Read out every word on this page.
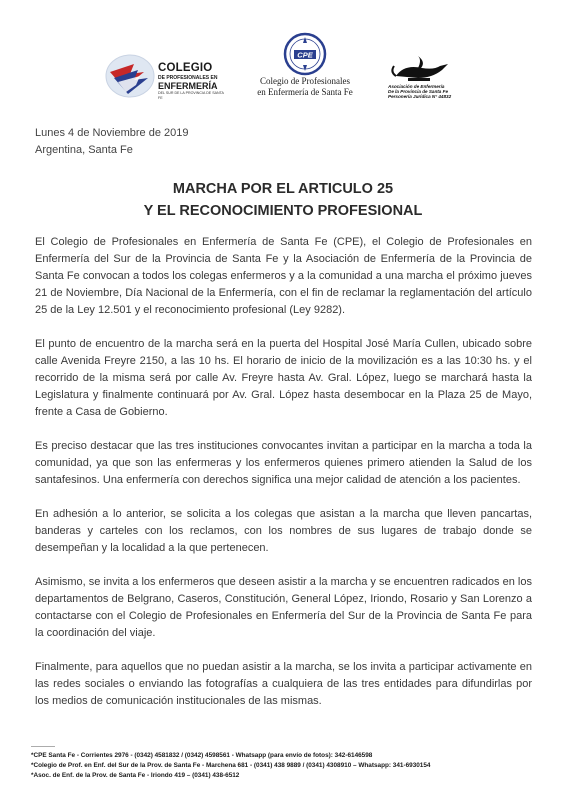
COLEGIO
DE PROFESIONALES EN
ENFERMERÍA
DEL SUR DE LA PROVINCIA DE SANTA FE
CPE
Colegio de Profesionales
en Enfermería de Santa Fe
Asociación de Enfermería
De la Provincia de Santa Fe
Personería Jurídica N° 44832
Lunes 4 de Noviembre de 2019
Argentina, Santa Fe
MARCHA POR EL ARTICULO 25
Y EL RECONOCIMIENTO PROFESIONAL

El Colegio de Profesionales en Enfermería de Santa Fe (CPE), el Colegio de Profesionales en Enfermería del Sur de la Provincia de Santa Fe y la Asociación de Enfermería de la Provincia de Santa Fe convocan a todos los colegas enfermeros y a la comunidad a una marcha el próximo jueves 21 de Noviembre, Día Nacional de la Enfermería, con el fin de reclamar la reglamentación del artículo 25 de la Ley 12.501 y el reconocimiento profesional (Ley 9282).

El punto de encuentro de la marcha será en la puerta del Hospital José María Cullen, ubicado sobre calle Avenida Freyre 2150, a las 10 hs. El horario de inicio de la movilización es a las 10:30 hs. y el recorrido de la misma será por calle Av. Freyre hasta Av. Gral. López, luego se marchará hasta la Legislatura y finalmente continuará por Av. Gral. López hasta desembocar en la Plaza 25 de Mayo, frente a Casa de Gobierno.

Es preciso destacar que las tres instituciones convocantes invitan a participar en la marcha a toda la comunidad, ya que son las enfermeras y los enfermeros quienes primero atienden la Salud de los santafesinos. Una enfermería con derechos significa una mejor calidad de atención a los pacientes.

En adhesión a lo anterior, se solicita a los colegas que asistan a la marcha que lleven pancartas, banderas y carteles con los reclamos, con los nombres de sus lugares de trabajo donde se desempeñan y la localidad a la que pertenecen.

Asimismo, se invita a los enfermeros que deseen asistir a la marcha y se encuentren radicados en los departamentos de Belgrano, Caseros, Constitución, General López, Iriondo, Rosario y San Lorenzo a contactarse con el Colegio de Profesionales en Enfermería del Sur de la Provincia de Santa Fe para la coordinación del viaje.

Finalmente, para aquellos que no puedan asistir a la marcha, se los invita a participar activamente en las redes sociales o enviando las fotografías a cualquiera de las tres entidades para difundirlas por los medios de comunicación institucionales de las mismas.

------------
*CPE Santa Fe - Corrientes 2976 - (0342) 4581832 / (0342) 4598561 - Whatsapp (para envío de fotos): 342-6146598
*Colegio de Prof. en Enf. del Sur de la Prov. de Santa Fe - Marchena 681 - (0341) 438 9889 / (0341) 4308910 – Whatsapp: 341-6930154
*Asoc. de Enf. de la Prov. de Santa Fe - Iriondo 419 – (0341) 438-6512
